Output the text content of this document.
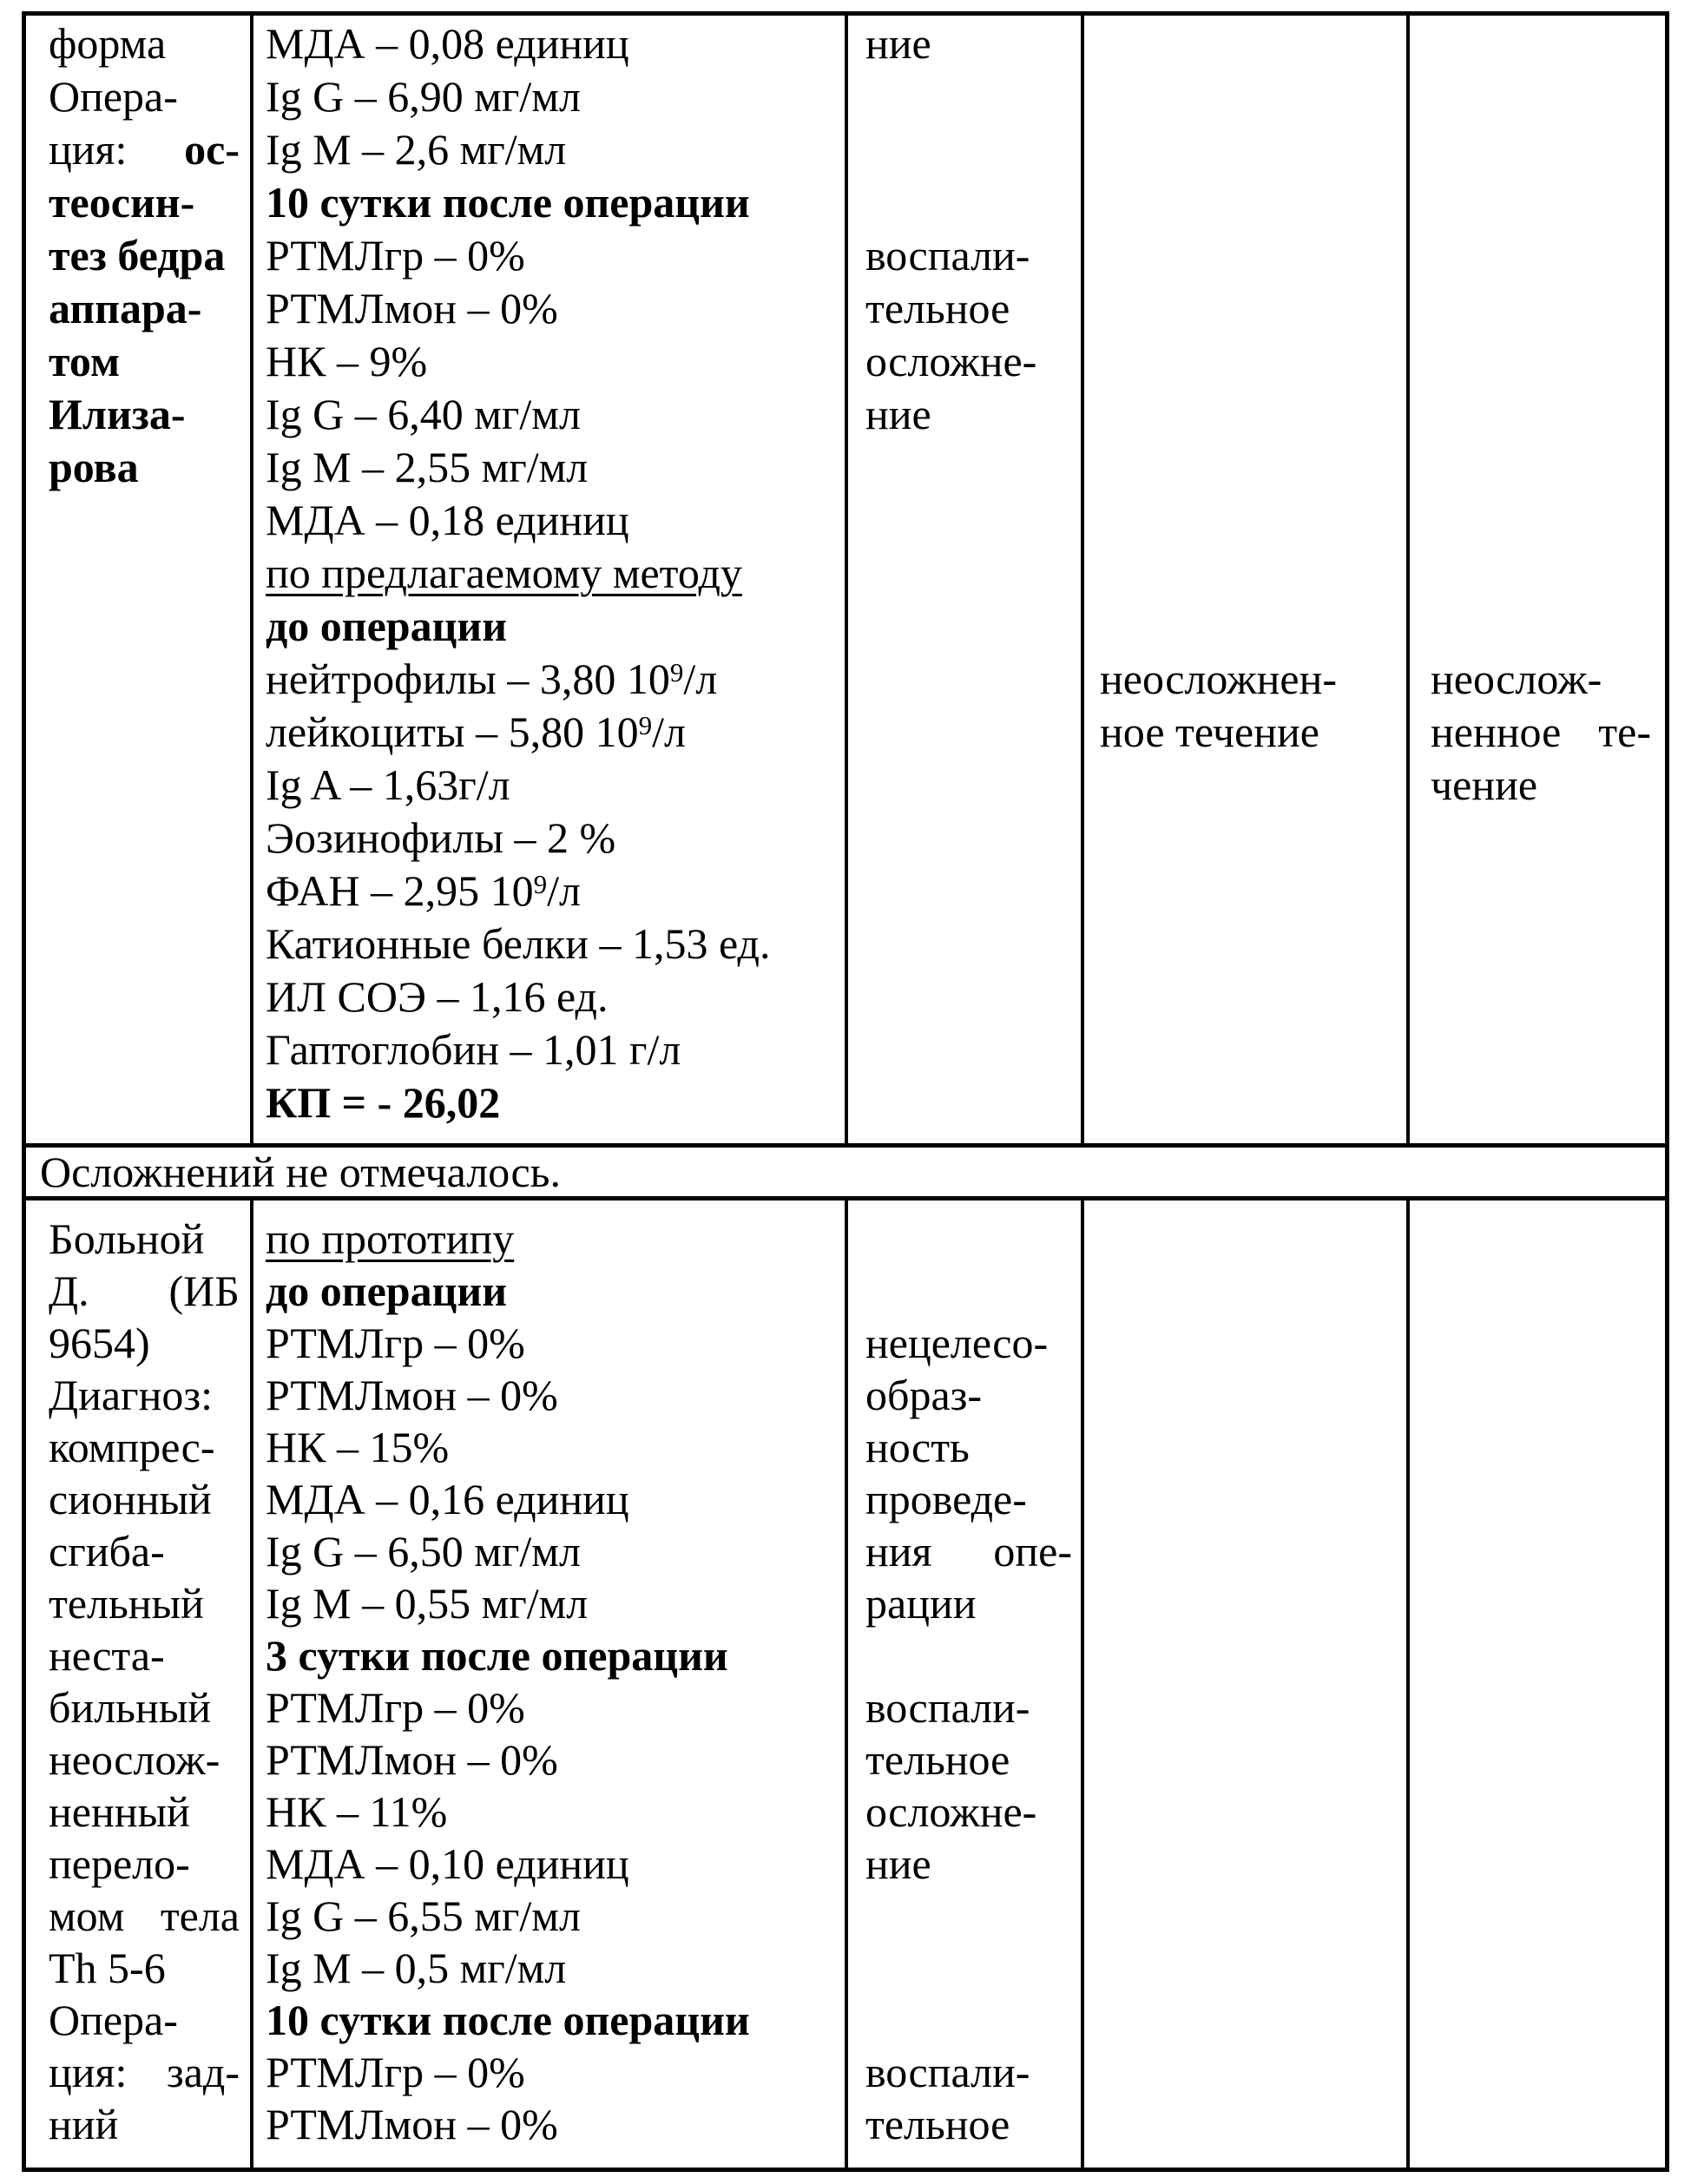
форма
Опера-
ция: ос-
теосин-
тез бедра
аппара-
том
Илиза-
рова
МДА – 0,08 единиц
Ig G – 6,90 мг/мл
Ig M – 2,6 мг/мл
10 сутки после операции
РТМЛгр – 0%
РТМЛмон – 0%
НК – 9%
Ig G – 6,40 мг/мл
Ig M – 2,55 мг/мл
МДА – 0,18 единиц
по предлагаемому методу
до операции
нейтрофилы – 3,80 $10^9/л$
лейкоциты – 5,80 $10^9/л$
Ig A – 1,63г/л
Эозинофилы – 2 %
ФАН – 2,95 $10^9/л$
Катионные белки – 1,53 ед.
ИЛ СОЭ – 1,16 ед.
Гаптоглобин – 1,01 г/л
КП = - 26,02
ние

воспали-
тельное
осложне-
ние

неосложнен-
ное течение

неослож-
ненное те-
чение
Осложнений не отмечалось.
Больной
Д. (ИБ
9654)
Диагноз:
компрес-
сионный
сгиба-
тельный
неста-
бильный
неослож-
ненный
перело-
мом тела
Th 5-6
Опера-
ция: зад-
ний
по прототипу
до операции
РТМЛгр – 0%
РТМЛмон – 0%
НК – 15%
МДА – 0,16 единиц
Ig G – 6,50 мг/мл
Ig M – 0,55 мг/мл
3 сутки после операции
РТМЛгр – 0%
РТМЛмон – 0%
НК – 11%
МДА – 0,10 единиц
Ig G – 6,55 мг/мл
Ig M – 0,5 мг/мл
10 сутки после операции
РТМЛгр – 0%
РТМЛмон – 0%

нецелесо-
образ-
ность
проведе-
ния опе-
рации

воспали-
тельное
осложне-
ние

воспали-
тельное
